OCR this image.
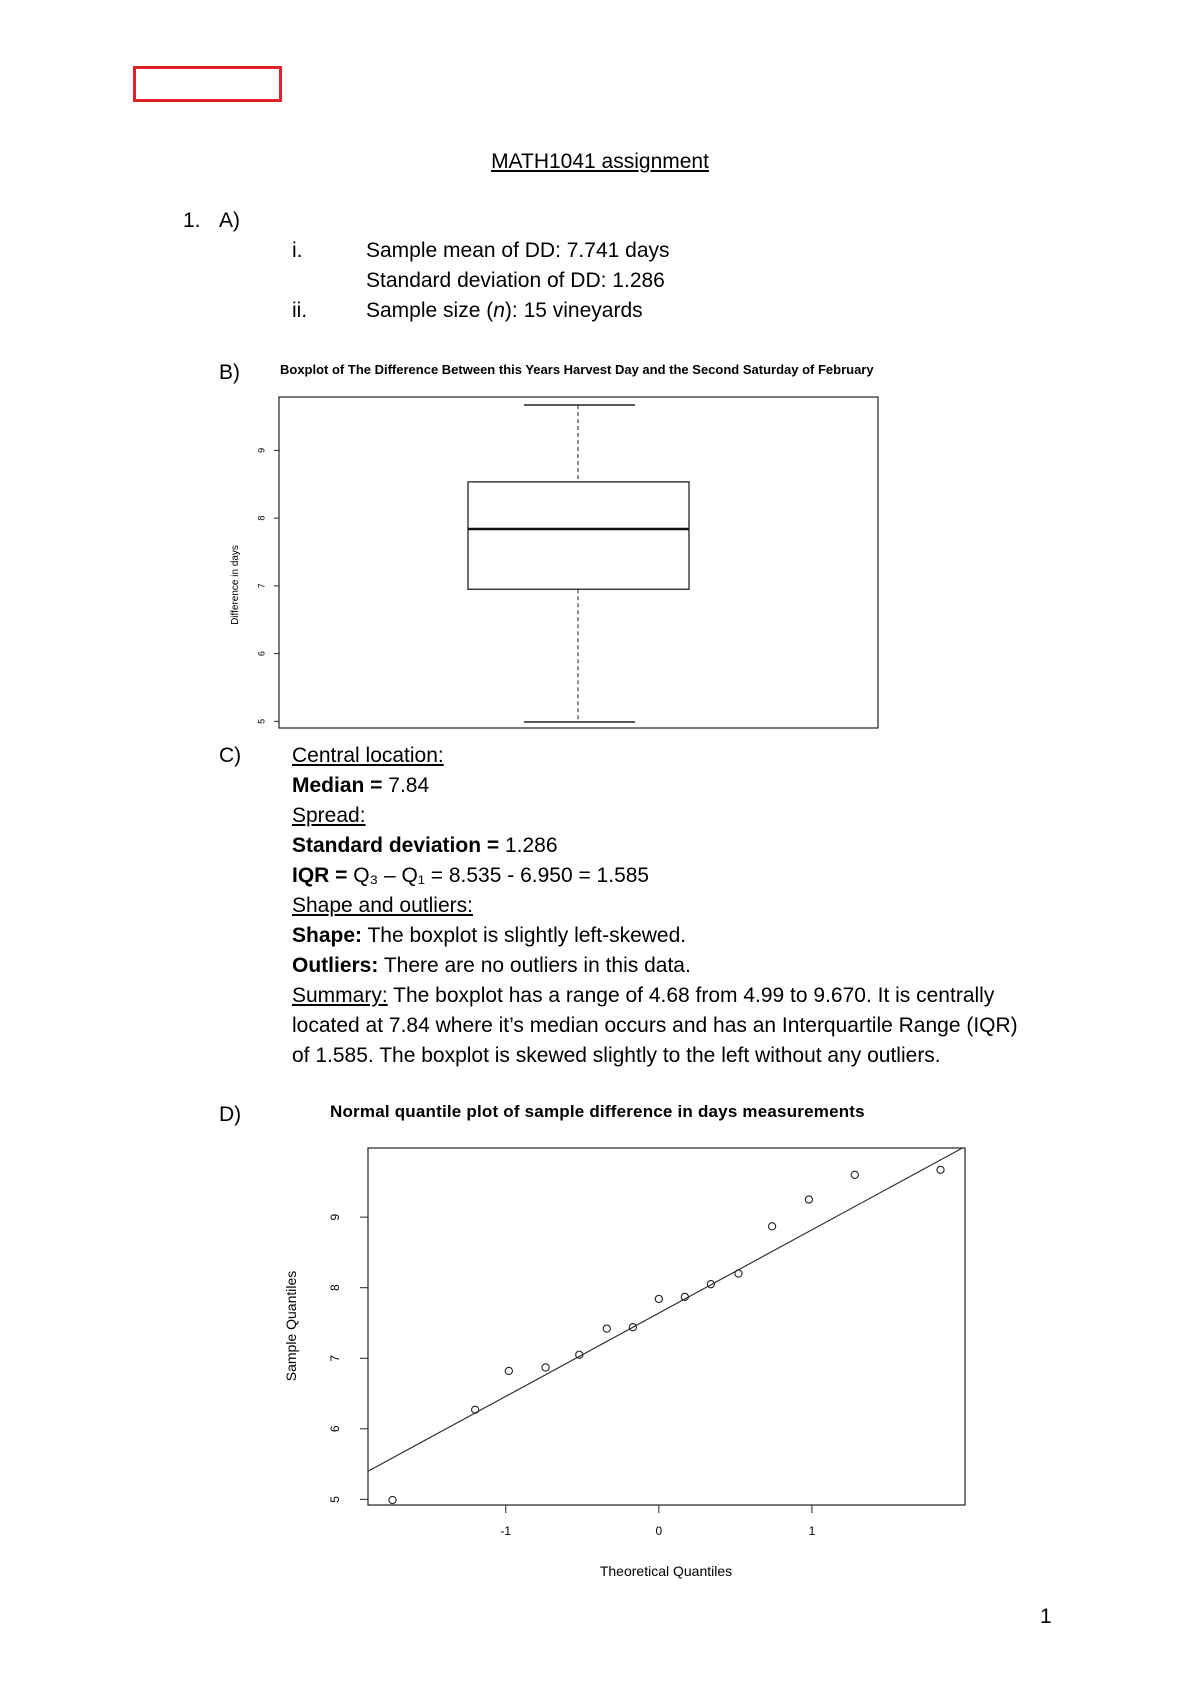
MATH1041 assignment
1. A)
i.	Sample mean of DD: 7.741 days
Standard deviation of DD: 1.286
ii.	Sample size (n): 15 vineyards
B)	Boxplot of The Difference Between this Years Harvest Day and the Second Saturday of February
Difference in days
5
6
7
8
9
C) Central location:
Median = 7.84
Spread:
Standard deviation = 1.286
IQR = Q₃ – Q₁ = 8.535 - 6.950 = 1.585
Shape and outliers:
Shape: The boxplot is slightly left-skewed.
Outliers: There are no outliers in this data.
Summary: The boxplot has a range of 4.68 from 4.99 to 9.670. It is centrally
located at 7.84 where it’s median occurs and has an Interquartile Range (IQR)
of 1.585. The boxplot is skewed slightly to the left without any outliers.
D)	Normal quantile plot of sample difference in days measurements
Sample Quantiles
Theoretical Quantiles
5
6
7
8
9
-1	0	1
1
